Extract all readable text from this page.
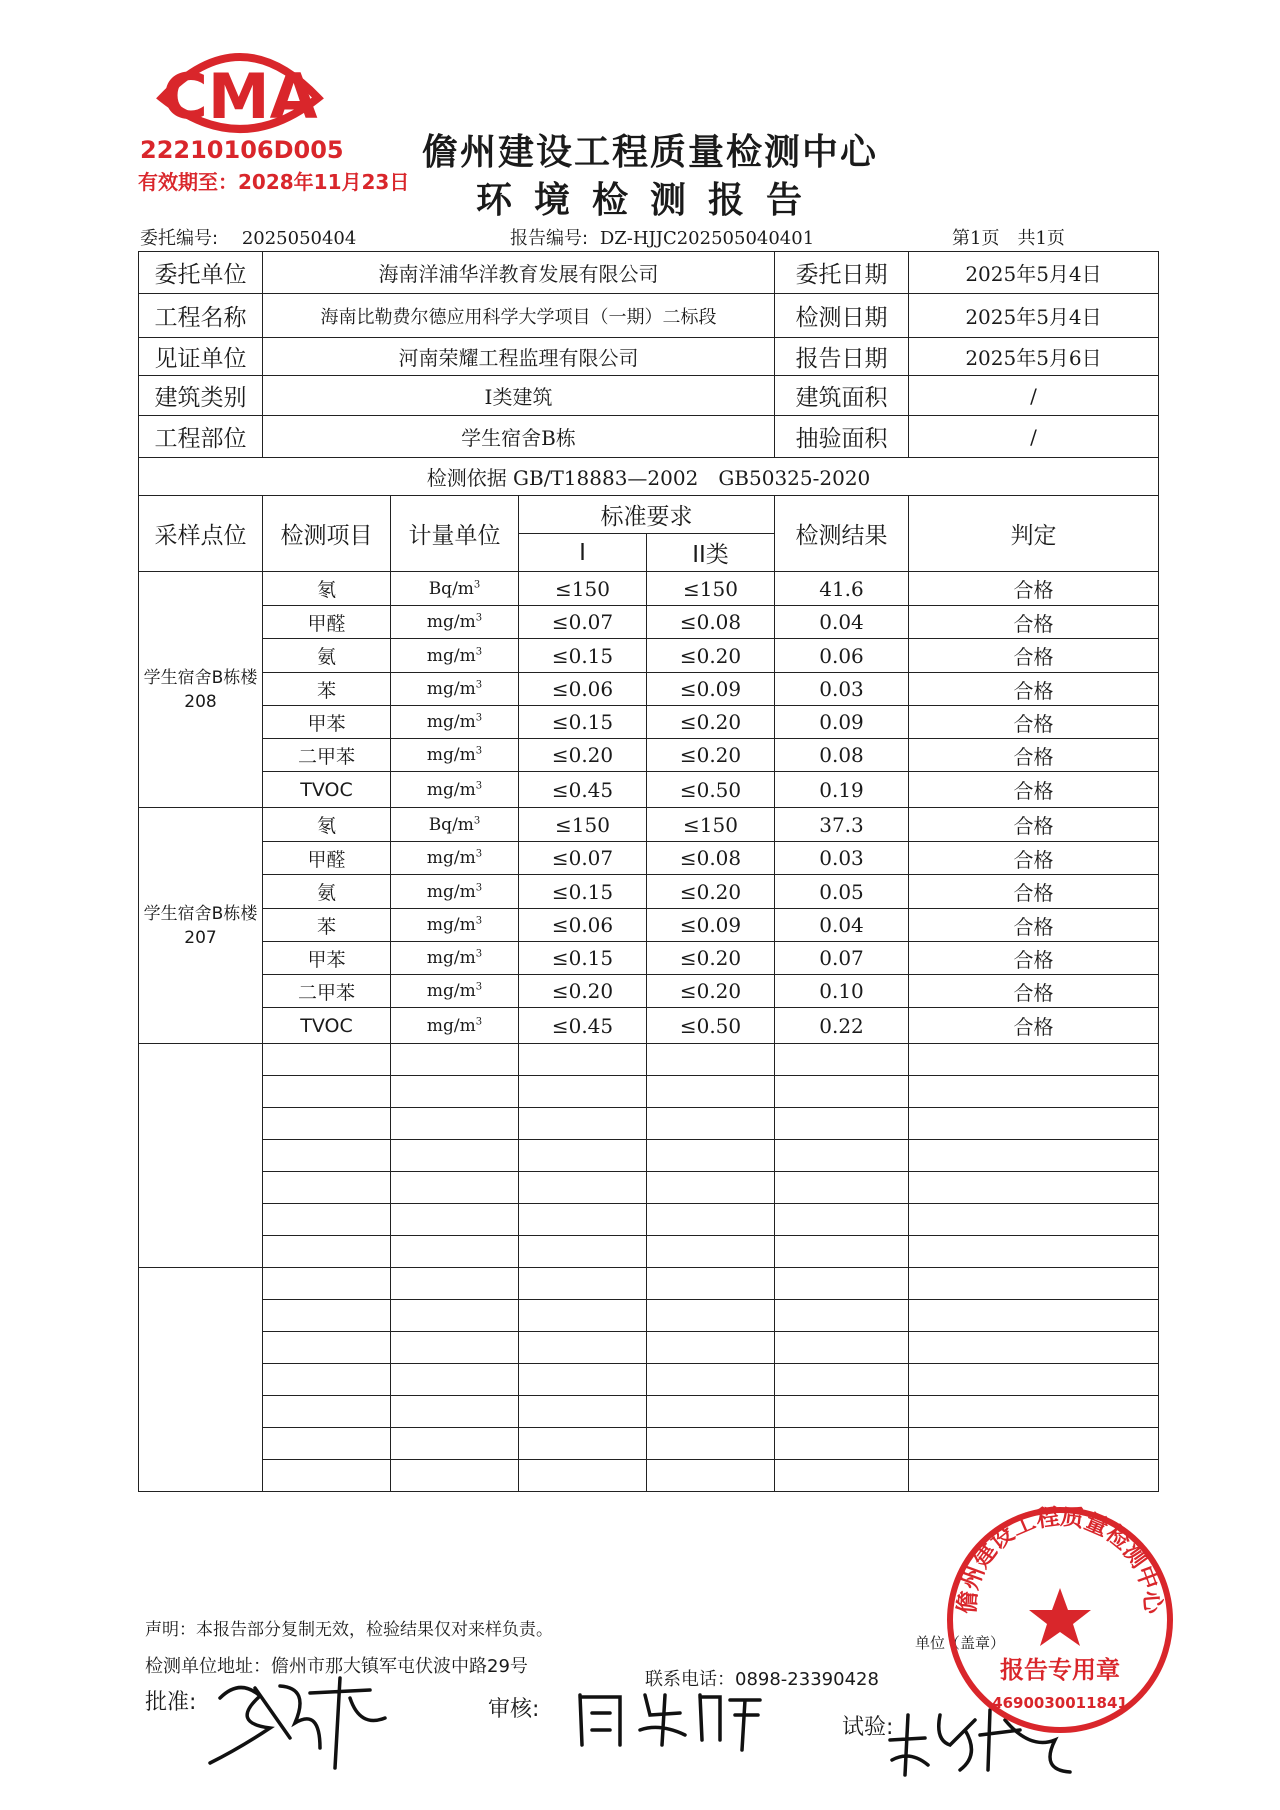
CMA
22210106D005
有效期至：2028年11月23日
儋州建设工程质量检测中心
环境检测报告
委托编号: 2025050404	报告编号: DZ-HJJC202505040401	第1页　共1页
委托单位	海南洋浦华洋教育发展有限公司				委托日期	2025年5月4日
工程名称	海南比勒费尔德应用科学大学项目（一期）二标段				检测日期	2025年5月4日
见证单位	河南荣耀工程监理有限公司				报告日期	2025年5月6日
建筑类别	I类建筑				建筑面积	/
工程部位	学生宿舍B栋				抽验面积	/
检测依据 GB/T18883—2002　GB50325-2020						
采样点位	检测项目	计量单位	标准要求		检测结果	判定
			I	II类		
学生宿舍B栋楼208	氡	$Bq/m^3$	≤150	≤150	41.6	合格
	甲醛	$mg/m^3$	≤0.07	≤0.08	0.04	合格
	氨	$mg/m^3$	≤0.15	≤0.20	0.06	合格
	苯	$mg/m^3$	≤0.06	≤0.09	0.03	合格
	甲苯	$mg/m^3$	≤0.15	≤0.20	0.09	合格
	二甲苯	$mg/m^3$	≤0.20	≤0.20	0.08	合格
	TVOC	$mg/m^3$	≤0.45	≤0.50	0.19	合格
学生宿舍B栋楼207	氡	$Bq/m^3$	≤150	≤150	37.3	合格
	甲醛	$mg/m^3$	≤0.07	≤0.08	0.03	合格
	氨	$mg/m^3$	≤0.15	≤0.20	0.05	合格
	苯	$mg/m^3$	≤0.06	≤0.09	0.04	合格
	甲苯	$mg/m^3$	≤0.15	≤0.20	0.07	合格
	二甲苯	$mg/m^3$	≤0.20	≤0.20	0.10	合格
	TVOC	$mg/m^3$	≤0.45	≤0.50	0.22	合格

声明：本报告部分复制无效，检验结果仅对来样负责。
检测单位地址：儋州市那大镇军屯伏波中路29号
联系电话：0898-23390428
单位（盖章）
批准:	审核:
试验:
儋州建设工程质量检测中心
报告专用章
4690030011841
